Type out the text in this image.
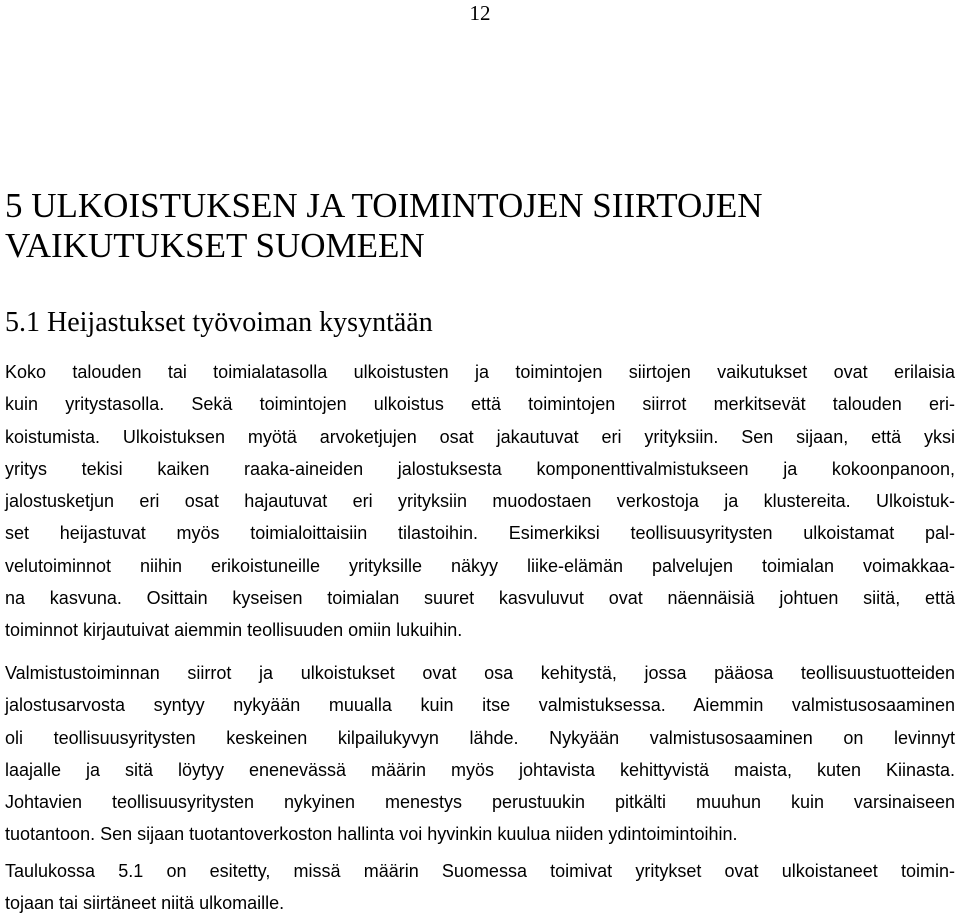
12
5 ULKOISTUKSEN JA TOIMINTOJEN SIIRTOJEN
VAIKUTUKSET SUOMEEN
5.1 Heijastukset työvoiman kysyntään

Koko talouden tai toimialatasolla ulkoistusten ja toimintojen siirtojen vaikutukset ovat erilaisia
kuin yritystasolla. Sekä toimintojen ulkoistus että toimintojen siirrot merkitsevät talouden eri-
koistumista. Ulkoistuksen myötä arvoketjujen osat jakautuvat eri yrityksiin. Sen sijaan, että yksi
yritys tekisi kaiken raaka-aineiden jalostuksesta komponenttivalmistukseen ja kokoonpanoon,
jalostusketjun eri osat hajautuvat eri yrityksiin muodostaen verkostoja ja klustereita. Ulkoistuk-
set heijastuvat myös toimialoittaisiin tilastoihin. Esimerkiksi teollisuusyritysten ulkoistamat pal-
velutoiminnot niihin erikoistuneille yrityksille näkyy liike-elämän palvelujen toimialan voimakkaa-
na kasvuna. Osittain kyseisen toimialan suuret kasvuluvut ovat näennäisiä johtuen siitä, että
toiminnot kirjautuivat aiemmin teollisuuden omiin lukuihin.

Valmistustoiminnan siirrot ja ulkoistukset ovat osa kehitystä, jossa pääosa teollisuustuotteiden
jalostusarvosta syntyy nykyään muualla kuin itse valmistuksessa. Aiemmin valmistusosaaminen
oli teollisuusyritysten keskeinen kilpailukyvyn lähde. Nykyään valmistusosaaminen on levinnyt
laajalle ja sitä löytyy enenevässä määrin myös johtavista kehittyvistä maista, kuten Kiinasta.
Johtavien teollisuusyritysten nykyinen menestys perustuukin pitkälti muuhun kuin varsinaiseen
tuotantoon. Sen sijaan tuotantoverkoston hallinta voi hyvinkin kuulua niiden ydintoimintoihin.

Taulukossa 5.1 on esitetty, missä määrin Suomessa toimivat yritykset ovat ulkoistaneet toimin-
tojaan tai siirtäneet niitä ulkomaille.
